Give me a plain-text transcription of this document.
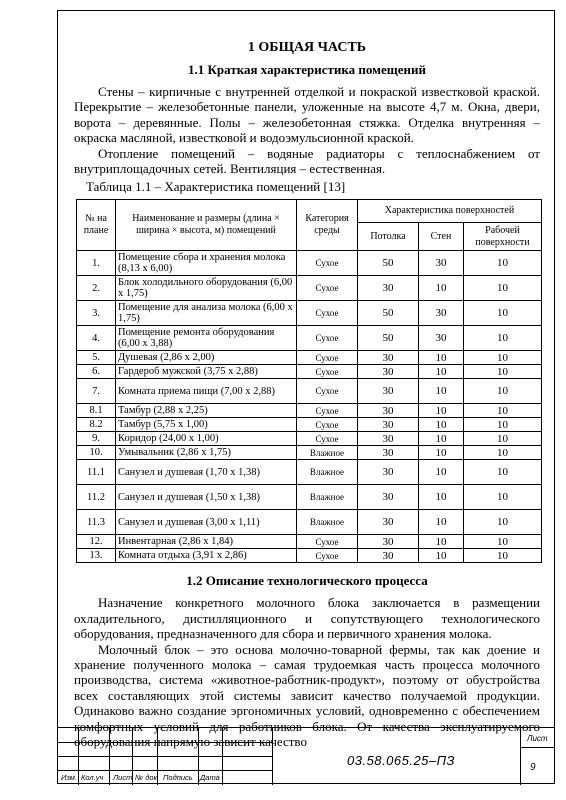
1 ОБЩАЯ ЧАСТЬ
1.1 Краткая характеристика помещений

Стены – кирпичные с внутренней отделкой и покраской известковой краской. Перекрытие – железобетонные панели, уложенные на высоте 4,7 м. Окна, двери, ворота – деревянные. Полы – железобетонная стяжка. Отделка внутренняя – окраска масляной, известковой и водоэмульсионной краской.

Отопление помещений – водяные радиаторы с теплоснабжением от внутриплощадочных сетей. Вентиляция – естественная.

Таблица 1.1 – Характеристика помещений [13]
№ на плане	Наименование и размеры (длина × ширина × высота, м) помещений	Категория среды	Характеристика поверхностей		
			Потолка	Стен	Рабочей поверхности
1.	Помещение сбора и хранения молока (8,13 х 6,00)	Сухое	50	30	10
2.	Блок холодильного оборудования (6,00 х 1,75)	Сухое	30	10	10
3.	Помещение для анализа молока (6,00 х 1,75)	Сухое	50	30	10
4.	Помещение ремонта оборудования (6,00 х 3,88)	Сухое	50	30	10
5.	Душевая (2,86 х 2,00)	Сухое	30	10	10
6.	Гардероб мужской (3,75 х 2,88)	Сухое	30	10	10
7.	Комната приема пищи (7,00 х 2,88)	Сухое	30	10	10
8.1	Тамбур (2,88 х 2,25)	Сухое	30	10	10
8.2	Тамбур (5,75 х 1,00)	Сухое	30	10	10
9.	Коридор (24,00 х 1,00)	Сухое	30	10	10
10.	Умывальник (2,86 х 1,75)	Влажное	30	10	10
11.1	Санузел и душевая (1,70 х 1,38)	Влажное	30	10	10
11.2	Санузел и душевая (1,50 х 1,38)	Влажное	30	10	10
11.3	Санузел и душевая (3,00 х 1,11)	Влажное	30	10	10
12.	Инвентарная (2,86 х 1,84)	Сухое	30	10	10
13.	Комната отдыха (3,91 х 2,86)	Сухое	30	10	10
1.2 Описание технологического процесса

Назначение конкретного молочного блока заключается в размещении охладительного, дистилляционного и сопутствующего технологического оборудования, предназначенного для сбора и первичного хранения молока.

Молочный блок – это основа молочно-товарной фермы, так как доение и хранение полученного молока – самая трудоемкая часть процесса молочного производства, система «животное-работник-продукт», поэтому от обустройства всех составляющих этой системы зависит качество получаемой продукции. Одинаково важно создание эргономичных условий, одновременно с обеспечением комфортных условий для работников блока. От качества эксплуатируемого оборудования напрямую зависит качество

Изм. Кол.уч Лист № док Подпись Дата
03.58.065.25–ПЗ
Лист
9
